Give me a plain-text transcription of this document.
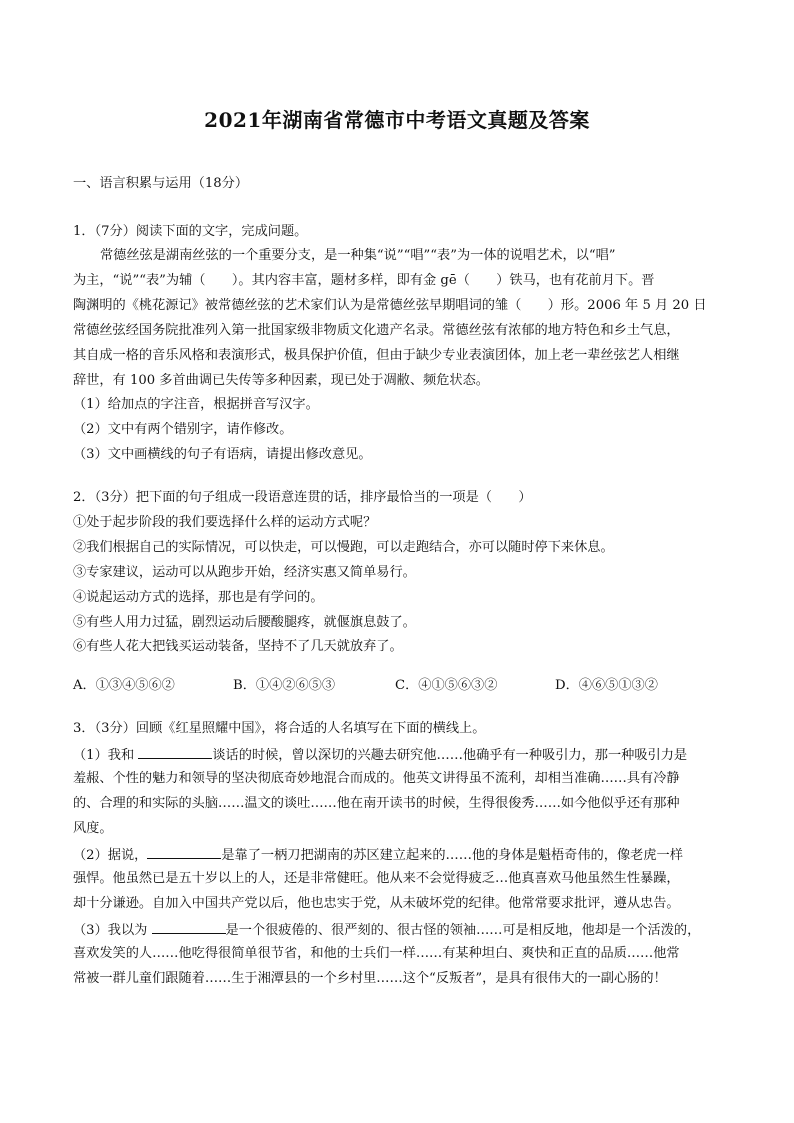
2021年湖南省常德市中考语文真题及答案
一、语言积累与运用（18分）
1．（7分）阅读下面的文字，完成问题。
常德丝弦是湖南丝弦的一个重要分支，是一种集“说”“唱”“表”为一体的说唱艺术，以“唱”
为主，“说”“表”为辅（　　）。其内容丰富，题材多样，即有金 gē（　　）铁马，也有花前月下。晋
陶渊明的《桃花源记》被常德丝弦的艺术家们认为是常德丝弦早期唱词的雏（　　）形。2006 年 5 月 20 日
常德丝弦经国务院批准列入第一批国家级非物质文化遗产名录。常德丝弦有浓郁的地方特色和乡土气息，
其自成一格的音乐风格和表演形式，极具保护价值，但由于缺少专业表演团体，加上老一辈丝弦艺人相继
辞世，有 100 多首曲调已失传等多种因素，现已处于凋敝、频危状态。
（1）给加点的字注音，根据拼音写汉字。
（2）文中有两个错别字，请作修改。
（3）文中画横线的句子有语病，请提出修改意见。
2．（3分）把下面的句子组成一段语意连贯的话，排序最恰当的一项是（　　）
①处于起步阶段的我们要选择什么样的运动方式呢？
②我们根据自己的实际情况，可以快走，可以慢跑，可以走跑结合，亦可以随时停下来休息。
③专家建议，运动可以从跑步开始，经济实惠又简单易行。
④说起运动方式的选择，那也是有学问的。
⑤有些人用力过猛，剧烈运动后腰酸腿疼，就偃旗息鼓了。
⑥有些人花大把钱买运动装备，坚持不了几天就放弃了。
A．①③④⑤⑥②	B．①④②⑥⑤③	C．④①⑤⑥③②	D．④⑥⑤①③②
3．（3分）回顾《红星照耀中国》，将合适的人名填写在下面的横线上。
（1）我和	谈话的时候，曾以深切的兴趣去研究他……他确乎有一种吸引力，那一种吸引力是
羞赧、个性的魅力和领导的坚决彻底奇妙地混合而成的。他英文讲得虽不流利，却相当准确……具有冷静
的、合理的和实际的头脑……温文的谈吐……他在南开读书的时候，生得很俊秀……如今他似乎还有那种
风度。
（2）据说，	是靠了一柄刀把湖南的苏区建立起来的……他的身体是魁梧奇伟的，像老虎一样
强悍。他虽然已是五十岁以上的人，还是非常健旺。他从来不会觉得疲乏…他真喜欢马他虽然生性暴躁，
却十分谦逊。自加入中国共产党以后，他也忠实于党，从未破坏党的纪律。他常常要求批评，遵从忠告。
（3）我以为	是一个很疲倦的、很严刻的、很古怪的领袖……可是相反地，他却是一个活泼的，
喜欢发笑的人……他吃得很简单很节省，和他的士兵们一样……有某种坦白、爽快和正直的品质……他常
常被一群儿童们跟随着……生于湘潭县的一个乡村里……这个“反叛者”，是具有很伟大的一副心肠的！
